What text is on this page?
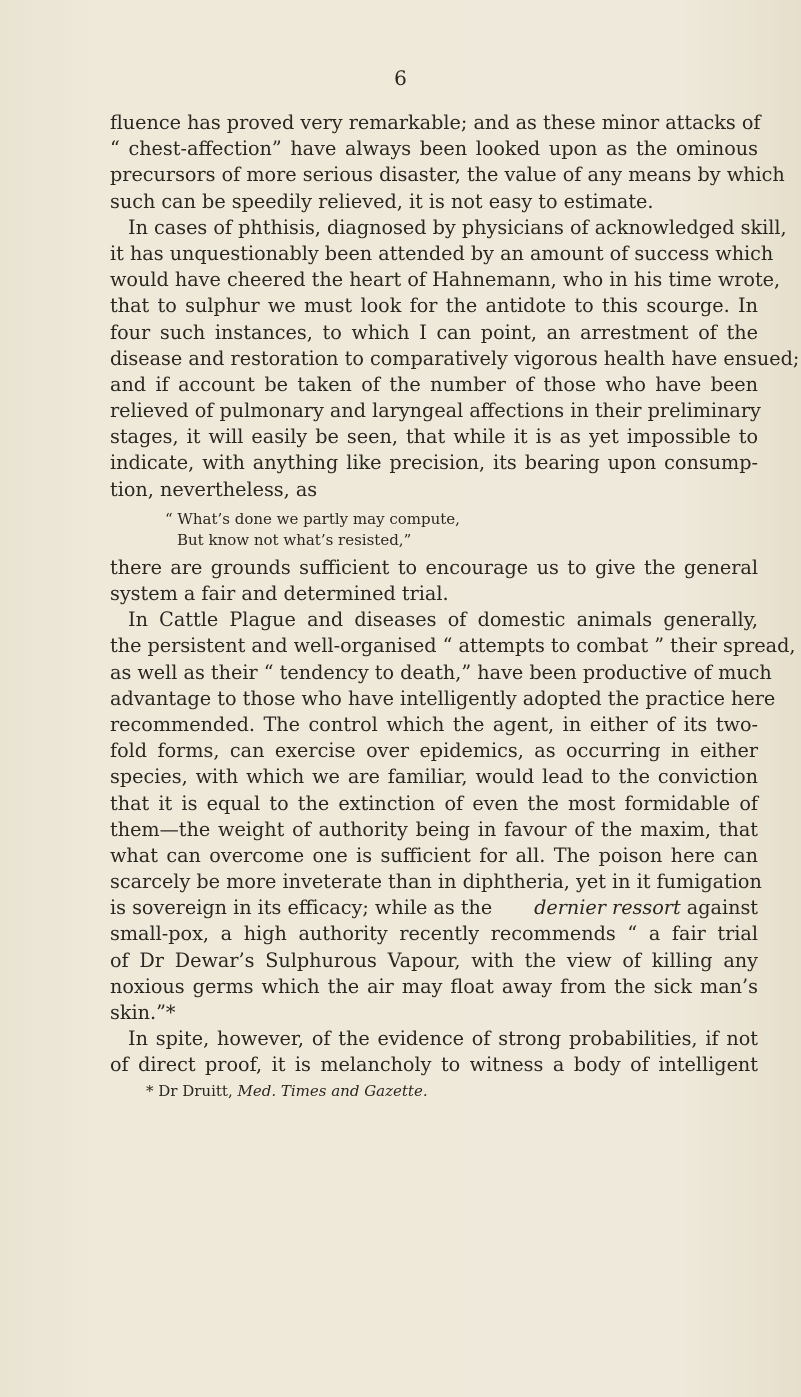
6
fluence has proved very remarkable; and as these minor attacks of
“ chest-affection” have always been looked upon as the ominous
precursors of more serious disaster, the value of any means by which
such can be speedily relieved, it is not easy to estimate.
In cases of phthisis, diagnosed by physicians of acknowledged skill,
it has unquestionably been attended by an amount of success which
would have cheered the heart of Hahnemann, who in his time wrote,
that to sulphur we must look for the antidote to this scourge. In
four such instances, to which I can point, an arrestment of the
disease and restoration to comparatively vigorous health have ensued;
and if account be taken of the number of those who have been
relieved of pulmonary and laryngeal affections in their preliminary
stages, it will easily be seen, that while it is as yet impossible to
indicate, with anything like precision, its bearing upon consump-
tion, nevertheless, as
“ What’s done we partly may compute,
But know not what’s resisted,”
there are grounds sufficient to encourage us to give the general
system a fair and determined trial.
In Cattle Plague and diseases of domestic animals generally,
the persistent and well-organised “ attempts to combat ” their spread,
as well as their “ tendency to death,” have been productive of much
advantage to those who have intelligently adopted the practice here
recommended. The control which the agent, in either of its two-
fold forms, can exercise over epidemics, as occurring in either
species, with which we are familiar, would lead to the conviction
that it is equal to the extinction of even the most formidable of
them—the weight of authority being in favour of the maxim, that
what can overcome one is sufficient for all. The poison here can
scarcely be more inveterate than in diphtheria, yet in it fumigation
is sovereign in its efficacy; while as the dernier ressort against
small-pox, a high authority recently recommends “ a fair trial
of Dr Dewar’s Sulphurous Vapour, with the view of killing any
noxious germs which the air may float away from the sick man’s
skin.”*
In spite, however, of the evidence of strong probabilities, if not
of direct proof, it is melancholy to witness a body of intelligent
* Dr Druitt, Med. Times and Gazette.
